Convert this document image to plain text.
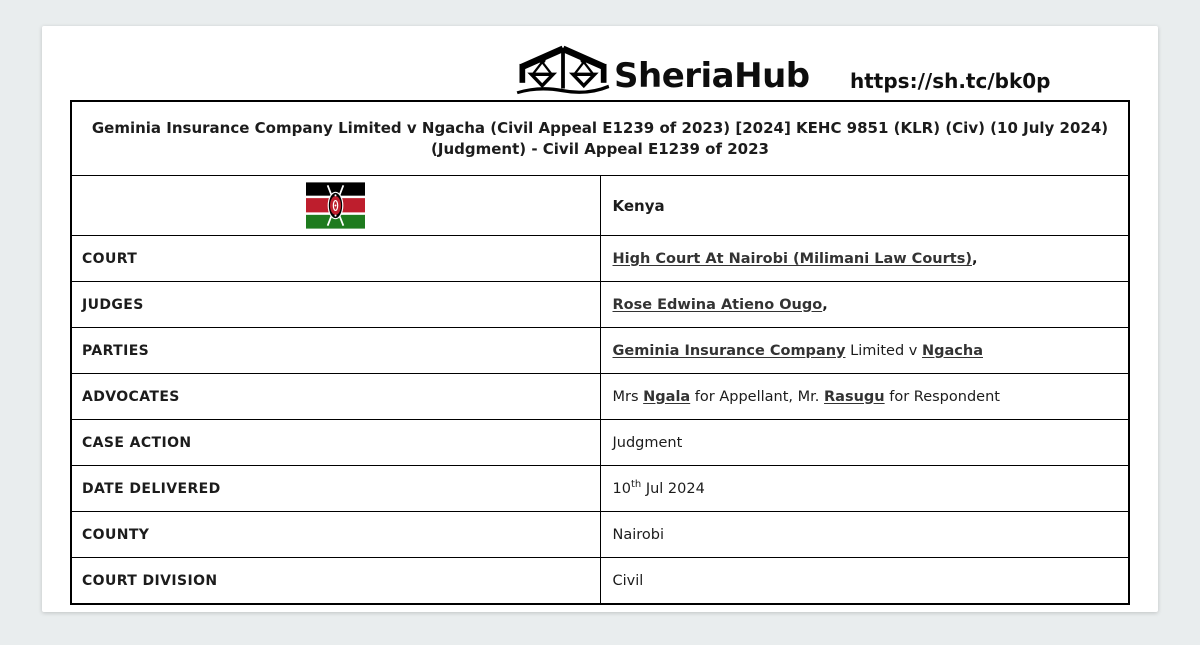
SheriaHub https://sh.tc/bk0p
Geminia Insurance Company Limited v Ngacha (Civil Appeal E1239 of 2023) [2024] KEHC 9851 (KLR) (Civ) (10 July 2024) (Judgment) - Civil Appeal E1239 of 2023	
	Kenya
COURT	High Court At Nairobi (Milimani Law Courts),
JUDGES	Rose Edwina Atieno Ougo,
PARTIES	Geminia Insurance Company Limited v Ngacha
ADVOCATES	Mrs Ngala for Appellant, Mr. Rasugu for Respondent
CASE ACTION	Judgment
DATE DELIVERED	10th Jul 2024
COUNTY	Nairobi
COURT DIVISION	Civil
